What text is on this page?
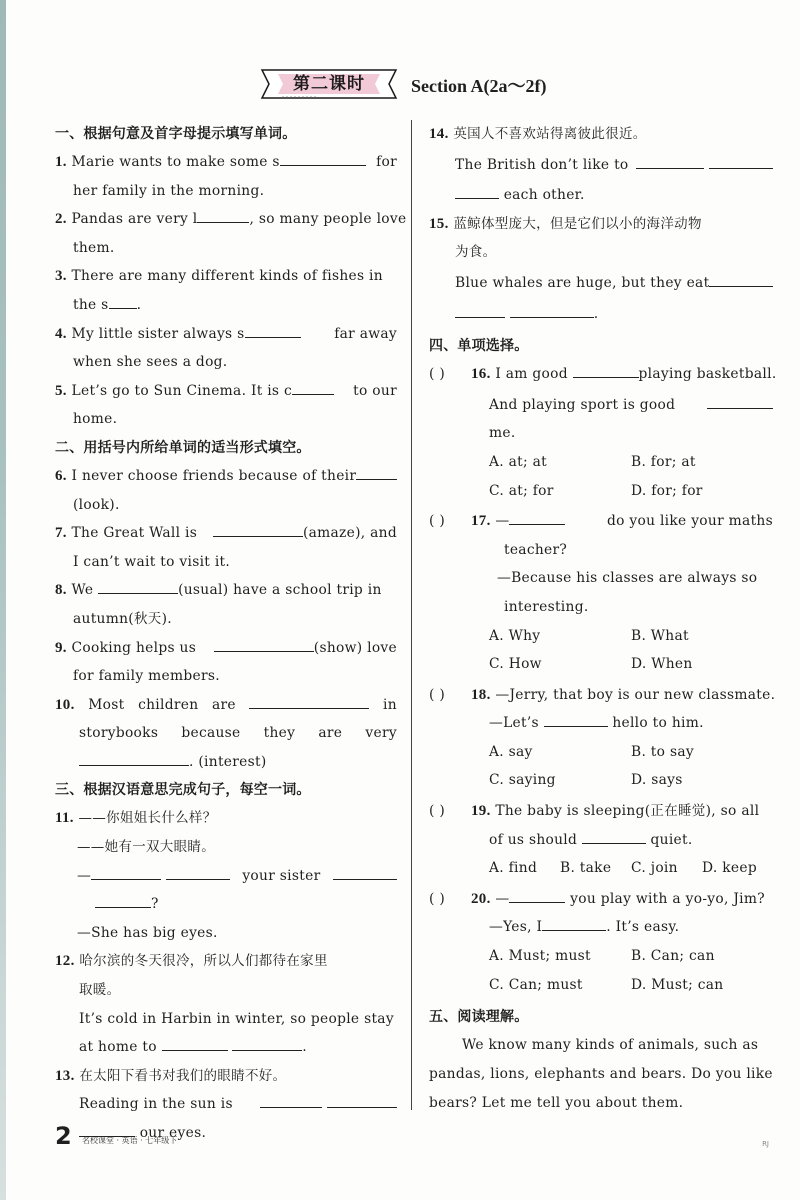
第二课时	Section A(2a～2f)
一、根据句意及首字母提示填写单词。
1. Marie wants to make some s	for
her family in the morning.
2. Pandas are very l	, so many people love
them.
3. There are many different kinds of fishes in
the s .
4. My little sister always s	far away
when she sees a dog.
5. Let’s go to Sun Cinema. It is c	to our
home.
二、用括号内所给单词的适当形式填空。
6. I never choose friends because of their
(look).
7. The Great Wall is	(amaze), and
I can’t wait to visit it.
8. We	(usual) have a school trip in
autumn(秋天).
9. Cooking helps us	(show) love
for family members.
10. Most children are	in
storybooks because they are very
. (interest)
三、根据汉语意思完成句子，每空一词。
11. ——你姐姐长什么样？
——她有一双大眼睛。
—	your sister
?
—She has big eyes.
12. 哈尔滨的冬天很冷，所以人们都待在家里
取暖。
It’s cold in Harbin in winter, so people stay
at home to	.
13. 在太阳下看书对我们的眼睛不好。
Reading in the sun is

our eyes.
14. 英国人不喜欢站得离彼此很近。
The British don’t like to

each other.
15. 蓝鲸体型庞大，但是它们以小的海洋动物
为食。
Blue whales are huge, but they eat
.
四、单项选择。
( ) 16. I am good	playing basketball.
And playing sport is good
me.
A. at; at	B. for; at
C. at; for	D. for; for
( ) 17. —	do you like your maths
teacher?
—Because his classes are always so
interesting.
A. Why	B. What
C. How	D. When
( ) 18. —Jerry, that boy is our new classmate.
—Let’s	hello to him.
A. say	B. to say
C. saying	D. says
( ) 19. The baby is sleeping(正在睡觉), so all
of us should	quiet.
A. find	B. take	C. join	D. keep
( ) 20. —	you play with a yo-yo, Jim?
—Yes, I	. It’s easy.
A. Must; must	B. Can; can
C. Can; must	D. Must; can
五、阅读理解。
We know many kinds of animals, such as
pandas, lions, elephants and bears. Do you like
bears? Let me tell you about them.
2 名校课堂 · 英语 · 七年级下	RJ
